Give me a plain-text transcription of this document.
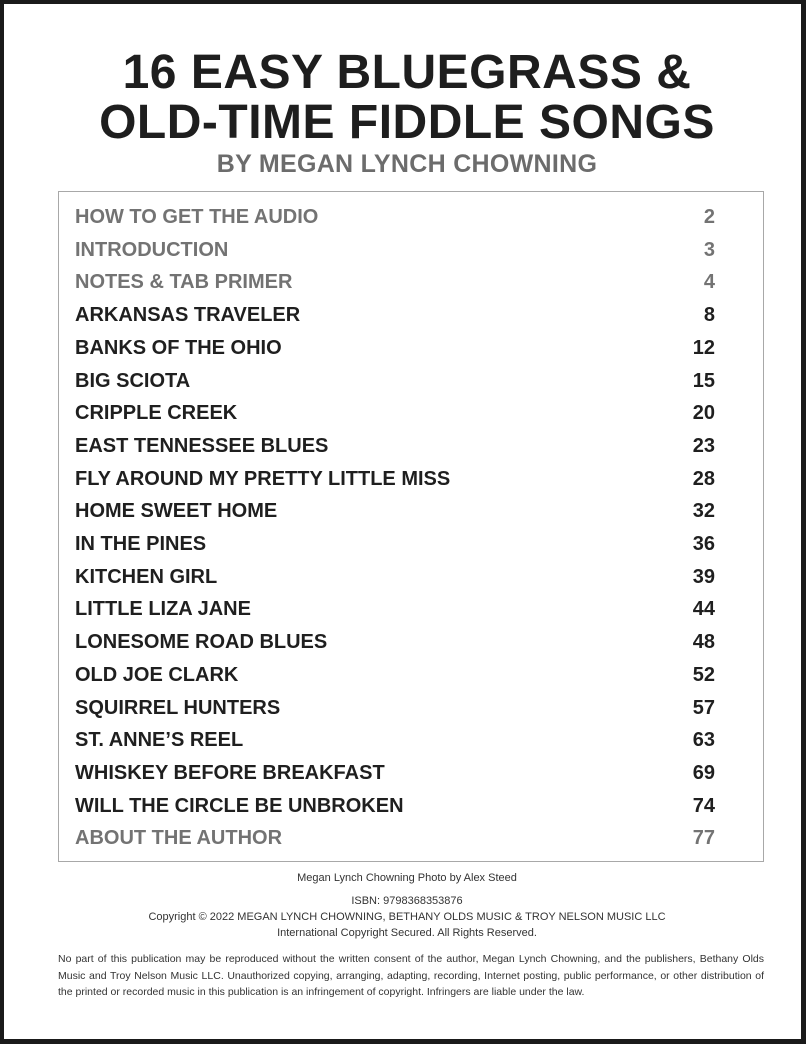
16 EASY BLUEGRASS &
OLD-TIME FIDDLE SONGS
BY MEGAN LYNCH CHOWNING
HOW TO GET THE AUDIO	2
INTRODUCTION	3
NOTES & TAB PRIMER	4
ARKANSAS TRAVELER	8
BANKS OF THE OHIO	12
BIG SCIOTA	15
CRIPPLE CREEK	20
EAST TENNESSEE BLUES	23
FLY AROUND MY PRETTY LITTLE MISS	28
HOME SWEET HOME	32
IN THE PINES	36
KITCHEN GIRL	39
LITTLE LIZA JANE	44
LONESOME ROAD BLUES	48
OLD JOE CLARK	52
SQUIRREL HUNTERS	57
ST. ANNE’S REEL	63
WHISKEY BEFORE BREAKFAST	69
WILL THE CIRCLE BE UNBROKEN	74
ABOUT THE AUTHOR	77
Megan Lynch Chowning Photo by Alex Steed
ISBN: 9798368353876
Copyright © 2022 MEGAN LYNCH CHOWNING, BETHANY OLDS MUSIC & TROY NELSON MUSIC LLC
International Copyright Secured. All Rights Reserved.
No part of this publication may be reproduced without the written consent of the author, Megan Lynch Chowning, and the publishers, Bethany Olds Music and Troy Nelson Music LLC. Unauthorized copying, arranging, adapting, recording, Internet posting, public performance, or other distribution of the printed or recorded music in this publication is an infringement of copyright. Infringers are liable under the law.
